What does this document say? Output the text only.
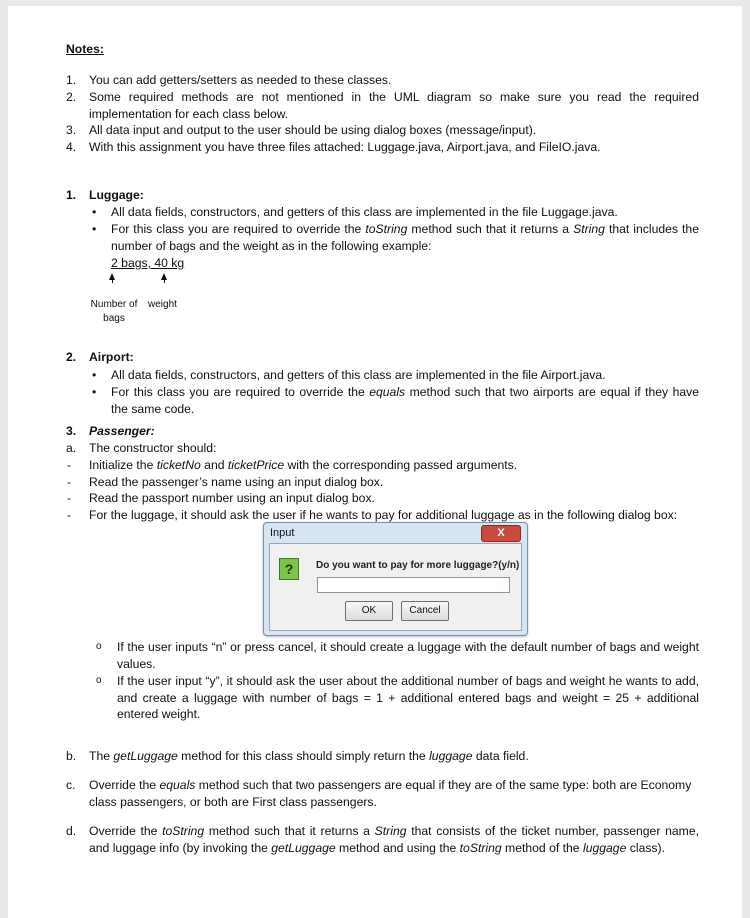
Notes:
1. You can add getters/setters as needed to these classes.
2. Some required methods are not mentioned in the UML diagram so make sure you read the required implementation for each class below.
3. All data input and output to the user should be using dialog boxes (message/input).
4. With this assignment you have three files attached: Luggage.java, Airport.java, and FileIO.java.
1. Luggage:
• All data fields, constructors, and getters of this class are implemented in the file Luggage.java.
• For this class you are required to override the toString method such that it returns a String that includes the number of bags and the weight as in the following example:
2 bags, 40 kg
Number of bags
weight
2. Airport:
• All data fields, constructors, and getters of this class are implemented in the file Airport.java.
• For this class you are required to override the equals method such that two airports are equal if they have the same code.
3. Passenger:
a. The constructor should:
- Initialize the ticketNo and ticketPrice with the corresponding passed arguments.
- Read the passenger’s name using an input dialog box.
- Read the passport number using an input dialog box.
- For the luggage, it should ask the user if he wants to pay for additional luggage as in the following dialog box:
Input	X
?	Do you want to pay for more luggage?(y/n)
OK	Cancel
o If the user inputs “n” or press cancel, it should create a luggage with the default number of bags and weight values.
o If the user input “y”, it should ask the user about the additional number of bags and weight he wants to add, and create a luggage with number of bags = 1 + additional entered bags and weight = 25 + additional entered weight.
b. The getLuggage method for this class should simply return the luggage data field.
c. Override the equals method such that two passengers are equal if they are of the same type: both are Economy class passengers, or both are First class passengers.
d. Override the toString method such that it returns a String that consists of the ticket number, passenger name, and luggage info (by invoking the getLuggage method and using the toString method of the luggage class).
